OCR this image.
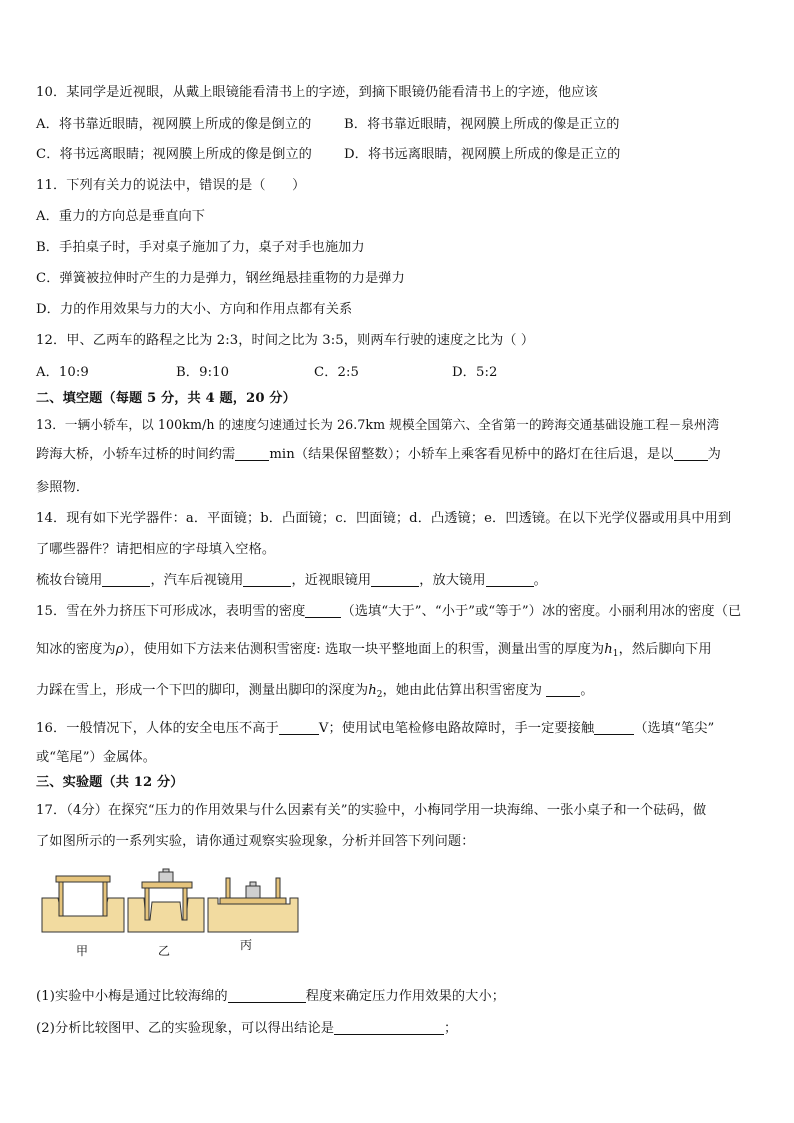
10．某同学是近视眼，从戴上眼镜能看清书上的字迹，到摘下眼镜仍能看清书上的字迹，他应该
A．将书靠近眼睛，视网膜上所成的像是倒立的 B．将书靠近眼睛，视网膜上所成的像是正立的
C．将书远离眼睛；视网膜上所成的像是倒立的 D．将书远离眼睛，视网膜上所成的像是正立的
11．下列有关力的说法中，错误的是（　　）
A．重力的方向总是垂直向下
B．手拍桌子时，手对桌子施加了力，桌子对手也施加力
C．弹簧被拉伸时产生的力是弹力，钢丝绳悬挂重物的力是弹力
D．力的作用效果与力的大小、方向和作用点都有关系
12．甲、乙两车的路程之比为 2:3，时间之比为 3:5，则两车行驶的速度之比为（ ）
A．10:9	B．9:10	C．2:5	D．5:2
二、填空题（每题 5 分，共 4 题，20 分）
13．一辆小轿车，以 100km/h 的速度匀速通过长为 26.7km 规模全国第六、全省第一的跨海交通基础设施工程－泉州湾
跨海大桥，小轿车过桥的时间约需	min（结果保留整数）；小轿车上乘客看见桥中的路灯在往后退，是以	为
参照物．
14．现有如下光学器件：a．平面镜；b．凸面镜；c．凹面镜；d．凸透镜；e．凹透镜。在以下光学仪器或用具中用到
了哪些器件？请把相应的字母填入空格。
梳妆台镜用	，汽车后视镜用	，近视眼镜用	，放大镜用	。
15．雪在外力挤压下可形成冰，表明雪的密度	（选填“大于”、“小于”或“等于”）冰的密度。小丽利用冰的密度（已
知冰的密度为ρ），使用如下方法来估测积雪密度: 选取一块平整地面上的积雪，测量出雪的厚度为$h_1$，然后脚向下用
力踩在雪上，形成一个下凹的脚印，测量出脚印的深度为$h_2$，她由此估算出积雪密度为	。
16．一般情况下，人体的安全电压不高于	V；使用试电笔检修电路故障时，手一定要接触	（选填“笔尖”
或“笔尾”）金属体。
三、实验题（共 12 分）
17．（4分）在探究“压力的作用效果与什么因素有关”的实验中，小梅同学用一块海绵、一张小桌子和一个砝码，做
了如图所示的一系列实验，请你通过观察实验现象，分析并回答下列问题：
甲	乙	丙
(1)实验中小梅是通过比较海绵的	程度来确定压力作用效果的大小；
(2)分析比较图甲、乙的实验现象，可以得出结论是	；
